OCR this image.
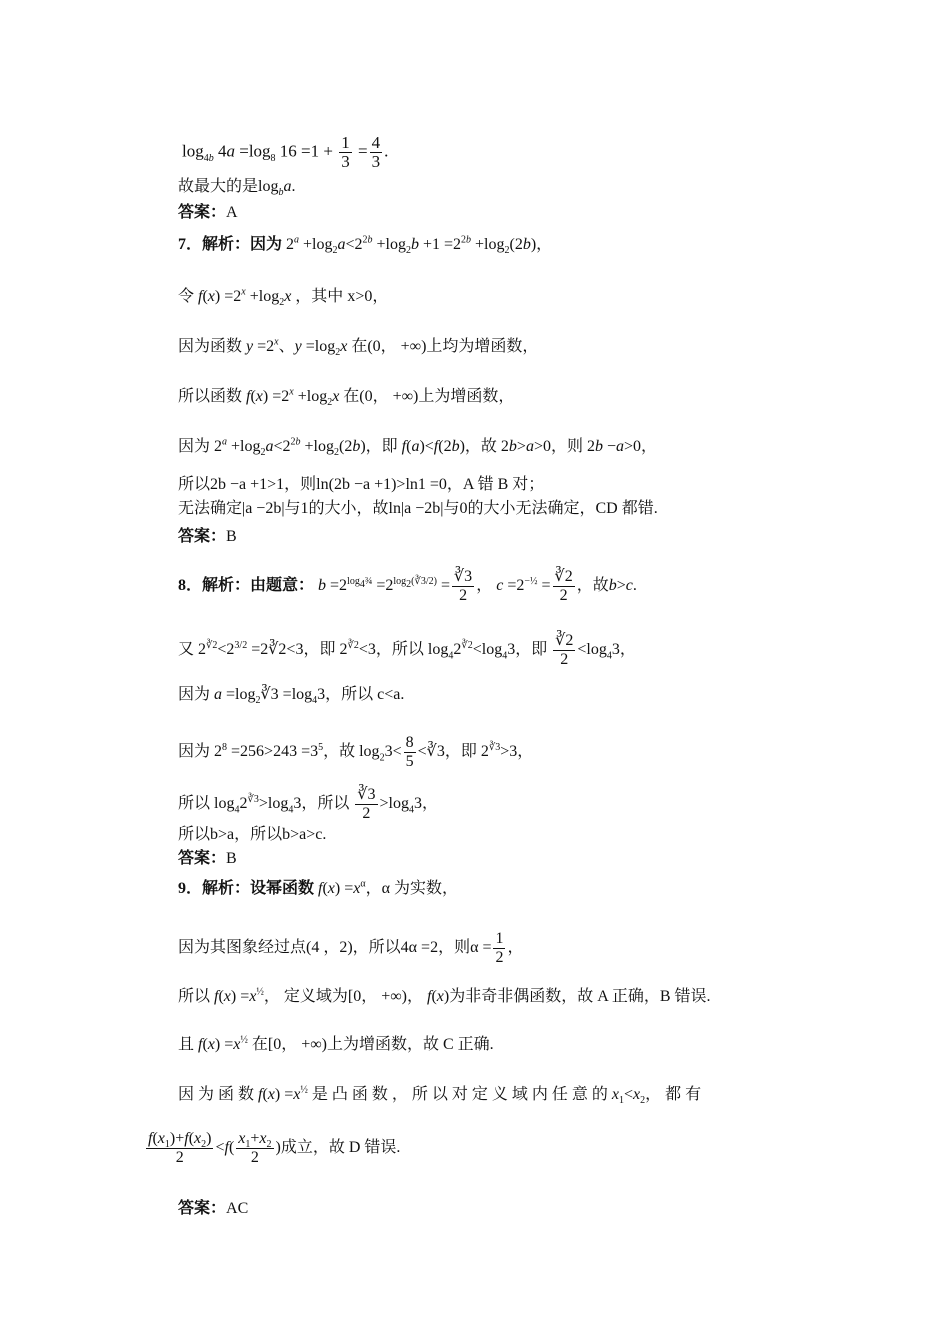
$\log_{4b} 4a =\log_8$ $16 =1 + \frac{1}{3} = \frac{4}{3}$ .
故最大的是$\log_ba$.
答案：A
7．解析：因为 $2^a +\log_2a<2^{2b} +\log_2b +1 =2^{2b} +\log_2(2b)$，
令 $f(x) =2^x +\log_2x$ ，其中 x>0，
因为函数 $y =2^x$、$y =\log_2x$ 在(0， +∞)上均为增函数，
所以函数 $f(x) =2^x +\log_2x$ 在(0， +∞)上为增函数，
因为 $2^a +\log_2a<2^{2b} +\log_2(2b)$，即 f(a)<f(2b)，故 2b>a>0，则 2b −a>0，
所以2b −a +1>1，则ln(2b −a +1)>ln1 =0，A 错 B 对；
无法确定|a −2b|与1的大小，故ln|a −2b|与0的大小无法确定，CD 都错.
答案：B
8．解析：由题意： $b =2^{log_4\frac{3}{4}} =2^{log_2(∛3/2)} = \frac{∛3}{2}$ ， $c =2^{-\frac{1}{2}} = \frac{∛2}{2}$ ，故b>c.
又 $2^{∛2}<2^{3/2}$ =2∛2<3，即 $2^{∛2}<3$，所以 $\log_42^{∛2}<\log_43$，即 $\frac{∛2}{2} <\log_43$，
因为 $a =\log_2∛3 =\log_43$，所以 c<a.
因为 $2^8 =256>243 =3^5$，故 $\log_23< \frac{8}{5}$ <∛3，即 $2^{∛3}>3$，
所以 $\log_42^{∛3}>\log_43$，所以 $\frac{∛3}{2} >\log_43$，
所以b>a，所以b>a>c.
答案：B
9．解析：设幂函数 $f(x) =x^\alpha$，α 为实数，
因为其图象经过点(4 ，2)，所以4α =2，则$\alpha = \frac{1}{2}$ ，
所以 $f(x) =x^{\frac{1}{2}}$， 定义域为[0， +∞)， f(x)为非奇非偶函数，故 A 正确，B 错误.
且 $f(x) =x^{\frac{1}{2}}$ 在[0， +∞)上为增函数，故 C 正确.
因 为 函 数 $f(x) =x^{\frac{1}{2}}$ 是 凸 函 数 ， 所 以 对 定 义 域 内 任 意 的 $x_1<x_2$， 都 有
$\frac{f(x_1)+f(x_2)}{2} <f( \frac{x_1+x_2}{2}$ )成立，故 D 错误.
答案：AC
